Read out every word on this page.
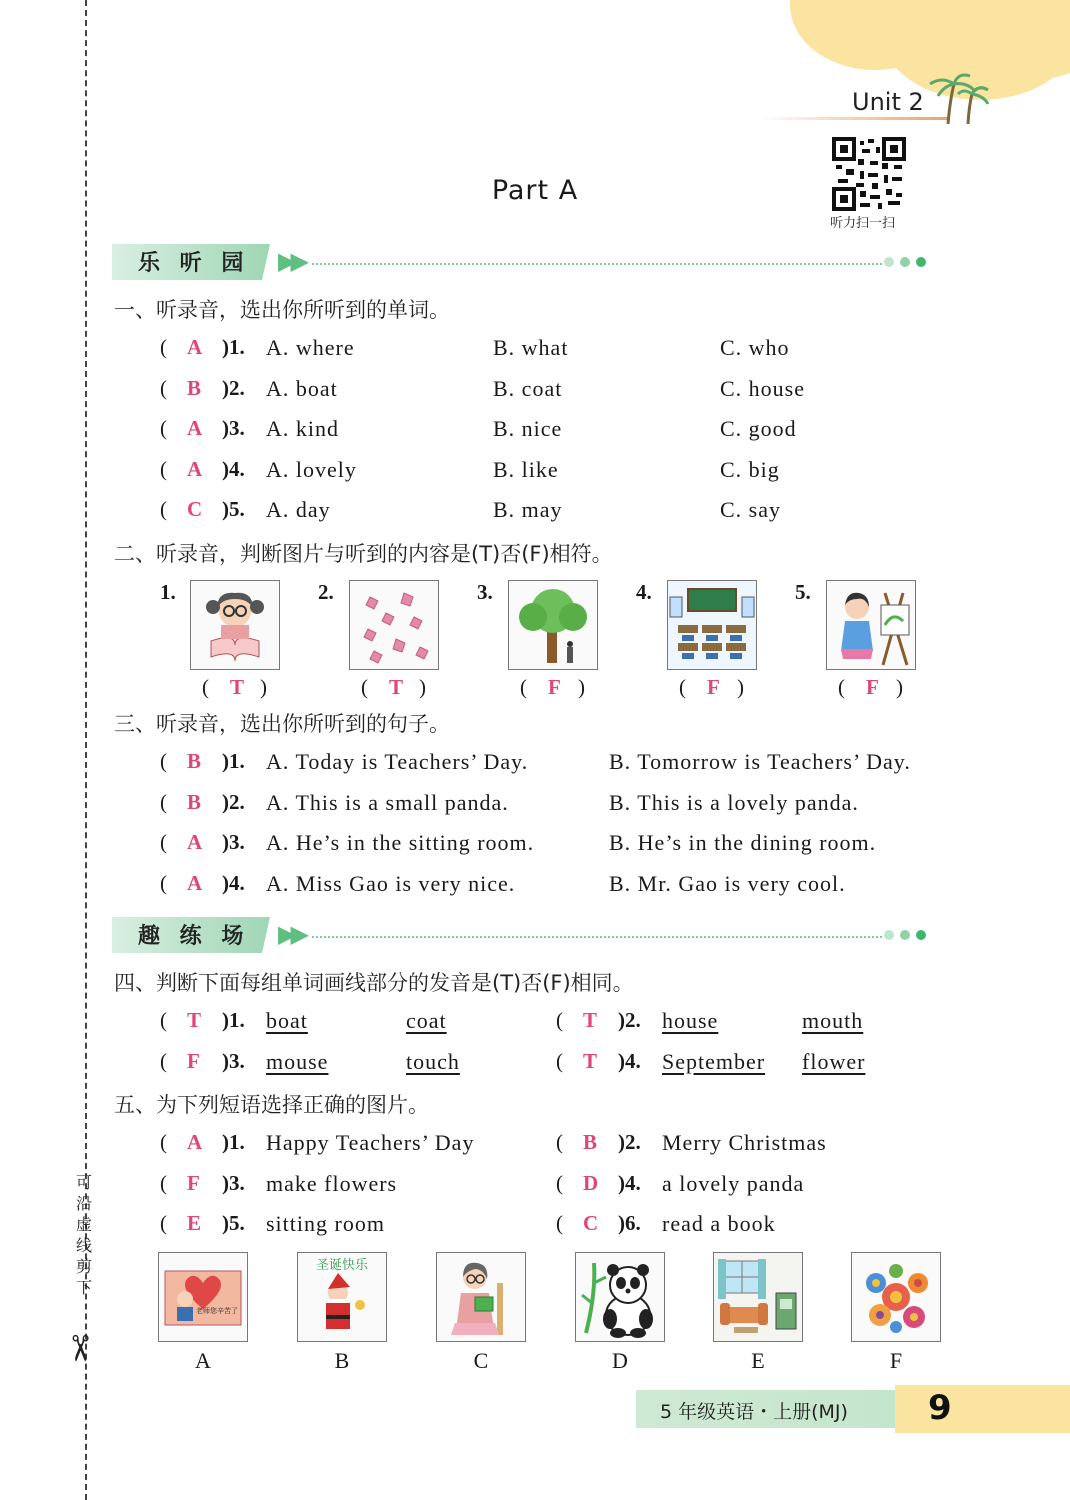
Unit 2
听力扫一扫
Part A
乐 听 园 ▶▶
一、听录音，选出你所听到的单词。
( A )1. A. where	B. what	C. who
( B )2. A. boat	B. coat	C. house
( A )3. A. kind	B. nice	C. good
( A )4. A. lovely	B. like	C. big
( C )5. A. day	B. may	C. say
二、听录音，判断图片与听到的内容是(T)否(F)相符。
1.
( T )
2.
( T )
3.
( F )
4.
( F )
5.
( F )
三、听录音，选出你所听到的句子。
( B )1. A. Today is Teachers’ Day.	B. Tomorrow is Teachers’ Day.
( B )2. A. This is a small panda.	B. This is a lovely panda.
( A )3. A. He’s in the sitting room.	B. He’s in the dining room.
( A )4. A. Miss Gao is very nice.	B. Mr. Gao is very cool.
趣 练 场 ▶▶
四、判断下面每组单词画线部分的发音是(T)否(F)相同。
( T )1. boat	coat	( T )2. house	mouth
( F )3. mouse	touch	( T )4. September flower
五、为下列短语选择正确的图片。
( A )1. Happy Teachers’ Day	( B )2. Merry Christmas
( F )3. make flowers	( D )4. a lovely panda
( E )5. sitting room	( C )6. read a book
老师您辛苦了
A
圣诞快乐
B	C	D	E	F
可沿虚线剪下
✂
5 年级英语・上册(MJ) 9
